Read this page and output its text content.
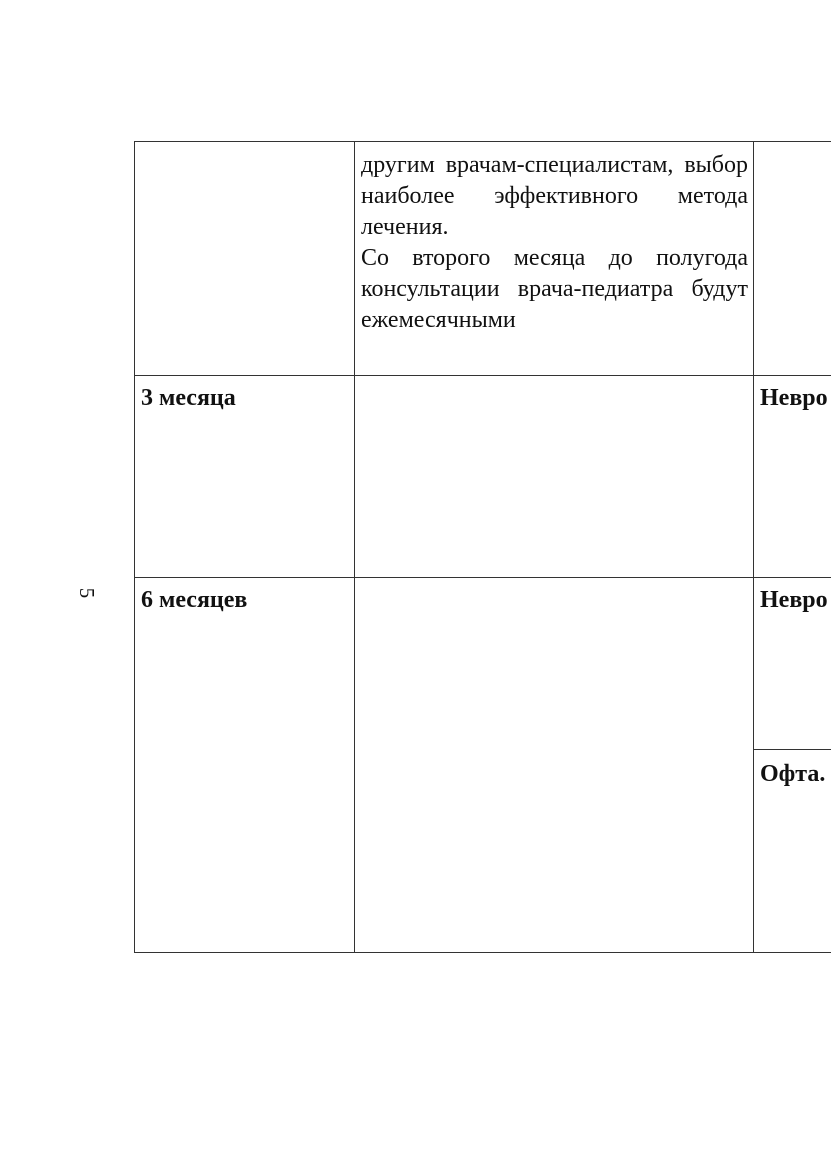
5
другим врачам-специалистам, выбор наиболее эффективного метода лечения.
Со второго месяца до полугода консультации врача-педиатра будут ежемесячными
3 месяца	Невро
6 месяцев	Невро
Офта.
